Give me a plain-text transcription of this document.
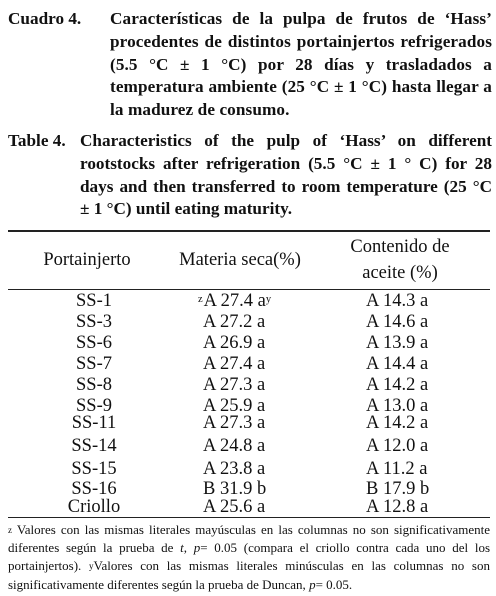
Cuadro 4. Características de la pulpa de frutos de ‘Hass’ procedentes de distintos portainjertos refrigerados (5.5 °C ± 1 °C) por 28 días y trasladados a temperatura ambiente (25 °C ± 1 °C) hasta llegar a la madurez de consumo.
Table 4. Characteristics of the pulp of ‘Hass’ on different rootstocks after refrigeration (5.5 °C ± 1 ° C) for 28 days and then transferred to room temperature (25 °C ± 1 °C) until eating maturity.
Portainjerto	Materia seca(%)
Contenido de
aceite (%)
SS-1	$^z$A 27.4 $a^y$	A 14.3 a
SS-3	A 27.2 a	A 14.6 a
SS-6	A 26.9 a	A 13.9 a
SS-7	A 27.4 a	A 14.4 a
SS-8	A 27.3 a	A 14.2 a
SS-9	A 25.9 a	A 13.0 a
SS-11	A 27.3 a	A 14.2 a
SS-14	A 24.8 a	A 12.0 a
SS-15	A 23.8 a	A 11.2 a
SS-16	B 31.9 b	B 17.9 b
Criollo	A 25.6 a	A 12.8 a
$^z$ Valores con las mismas literales mayúsculas en las columnas no son significativamente diferentes según la prueba de t, p= 0.05 (compara el criollo contra cada uno del los portainjertos). $^y$Valores con las mismas literales minúsculas en las columnas no son significativamente diferentes según la prueba de Duncan, p= 0.05.
